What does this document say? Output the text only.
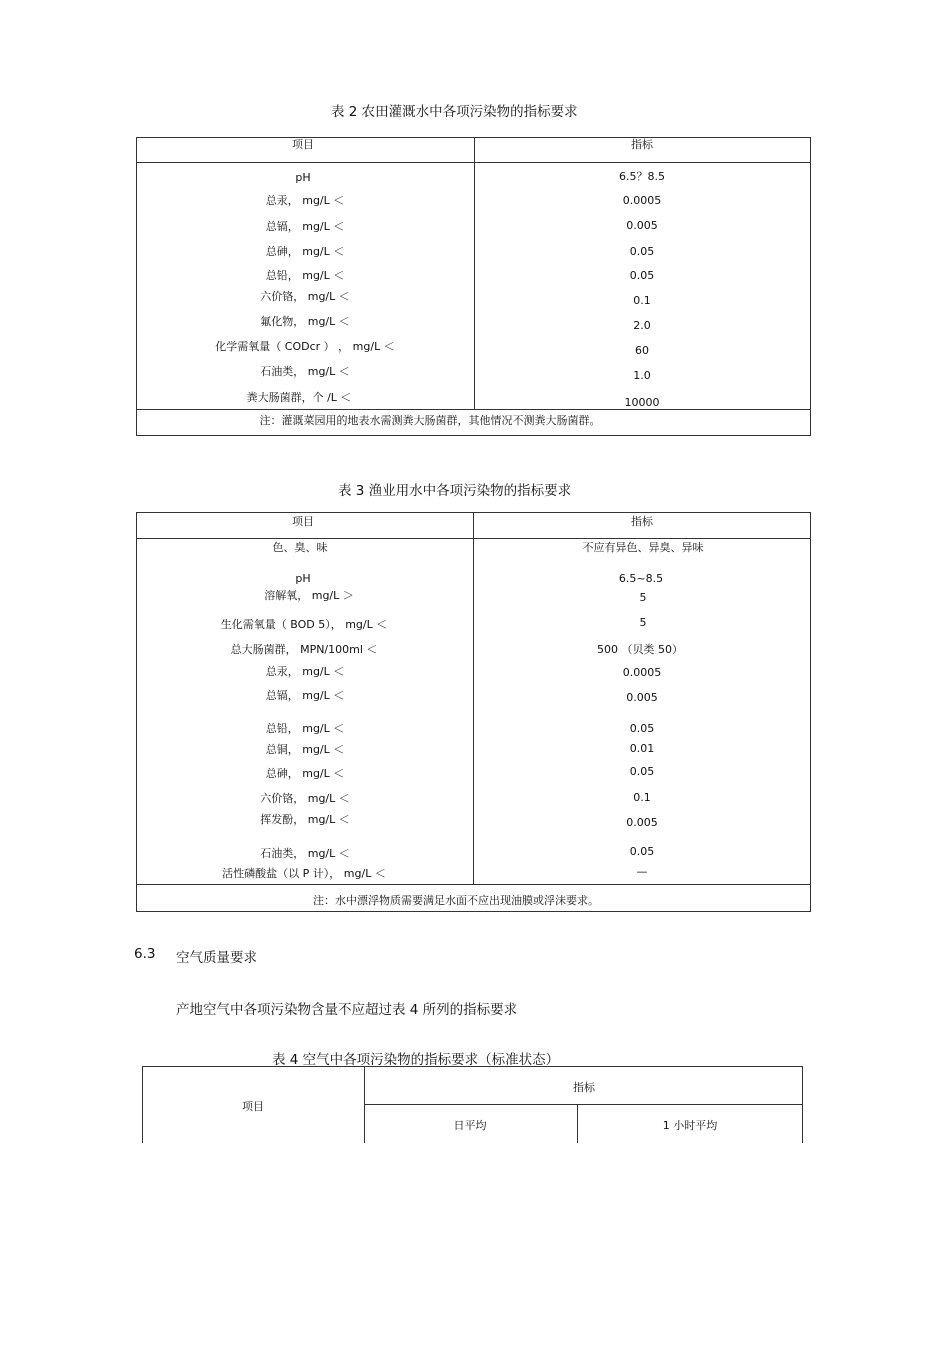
表 2 农田灌溉水中各项污染物的指标要求
项目	指标
pH	6.5？8.5
总汞， mg/L ＜	0.0005
总镉， mg/L ＜	0.005
总砷， mg/L ＜	0.05
总铅， mg/L ＜	0.05
六价铬， mg/L ＜	0.1
氟化物， mg/L ＜	2.0
化学需氧量（ CODcr ） ， mg/L ＜	60
石油类， mg/L ＜	1.0
粪大肠菌群，个 /L ＜	10000
注：灌溉菜园用的地表水需测粪大肠菌群，其他情况不测粪大肠菌群。
表 3 渔业用水中各项污染物的指标要求
项目	指标
色、臭、味	不应有异色、异臭、异味
pH	6.5~8.5
溶解氧， mg/L ＞	5
生化需氧量（ BOD 5）， mg/L ＜	5
总大肠菌群， MPN/100ml ＜	500 （贝类 50）
总汞， mg/L ＜	0.0005
总镉， mg/L ＜	0.005
总铅， mg/L ＜	0.05
总铜， mg/L ＜	0.01
总砷， mg/L ＜	0.05
六价铬， mg/L ＜	0.1
挥发酚， mg/L ＜	0.005
石油类， mg/L ＜	0.05
活性磷酸盐（以 P 计）， mg/L ＜	—
注：水中漂浮物质需要满足水面不应出现油膜或浮沫要求。
6.3 空气质量要求
产地空气中各项污染物含量不应超过表 4 所列的指标要求
表 4 空气中各项污染物的指标要求（标准状态）
项目
指标
日平均	1 小时平均
